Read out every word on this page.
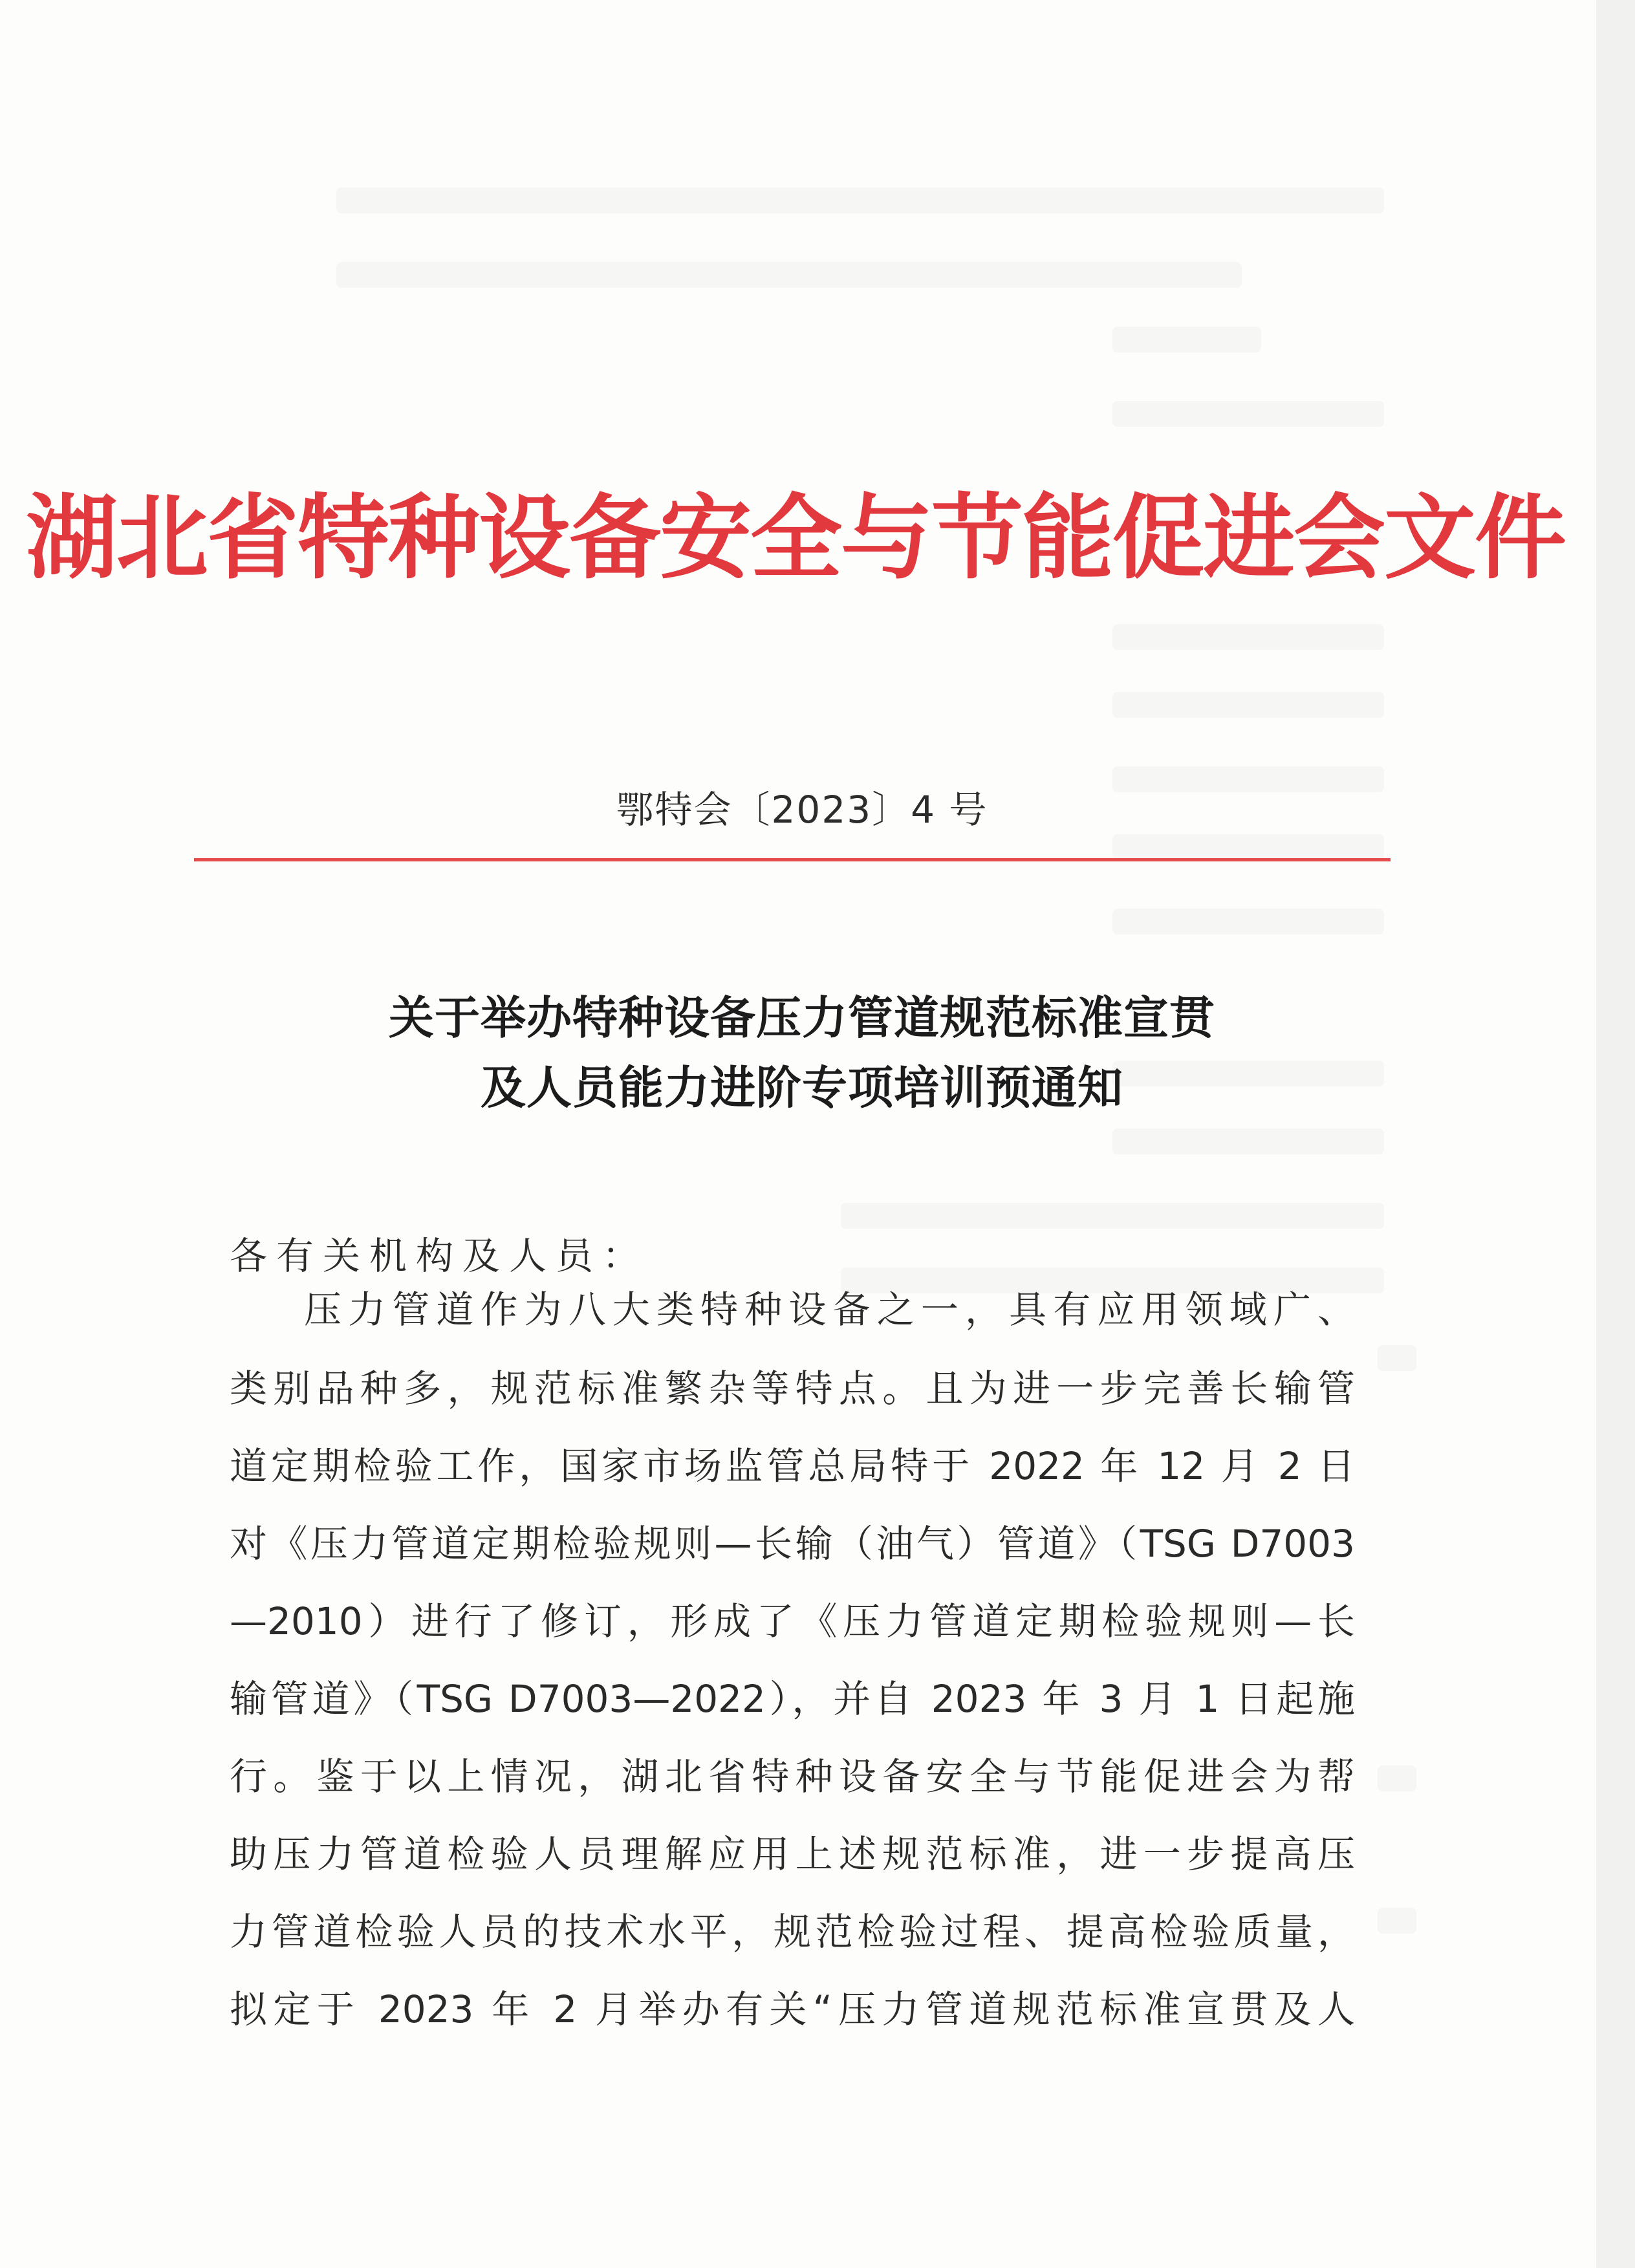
湖北省特种设备安全与节能促进会文件
鄂特会〔2023〕4 号
关于举办特种设备压力管道规范标准宣贯
及人员能力进阶专项培训预通知
各有关机构及人员：
压力管道作为八大类特种设备之一，具有应用领域广、
类别品种多，规范标准繁杂等特点。且为进一步完善长输管
道定期检验工作，国家市场监管总局特于 2022 年 12 月 2 日
对《压力管道定期检验规则—长输（油气）管道》（TSG D7003
—2010）进行了修订，形成了《压力管道定期检验规则—长
输管道》（TSG D7003—2022），并自 2023 年 3 月 1 日起施
行。鉴于以上情况，湖北省特种设备安全与节能促进会为帮
助压力管道检验人员理解应用上述规范标准，进一步提高压
力管道检验人员的技术水平，规范检验过程、提高检验质量，
拟定于 2023 年 2 月举办有关“压力管道规范标准宣贯及人
